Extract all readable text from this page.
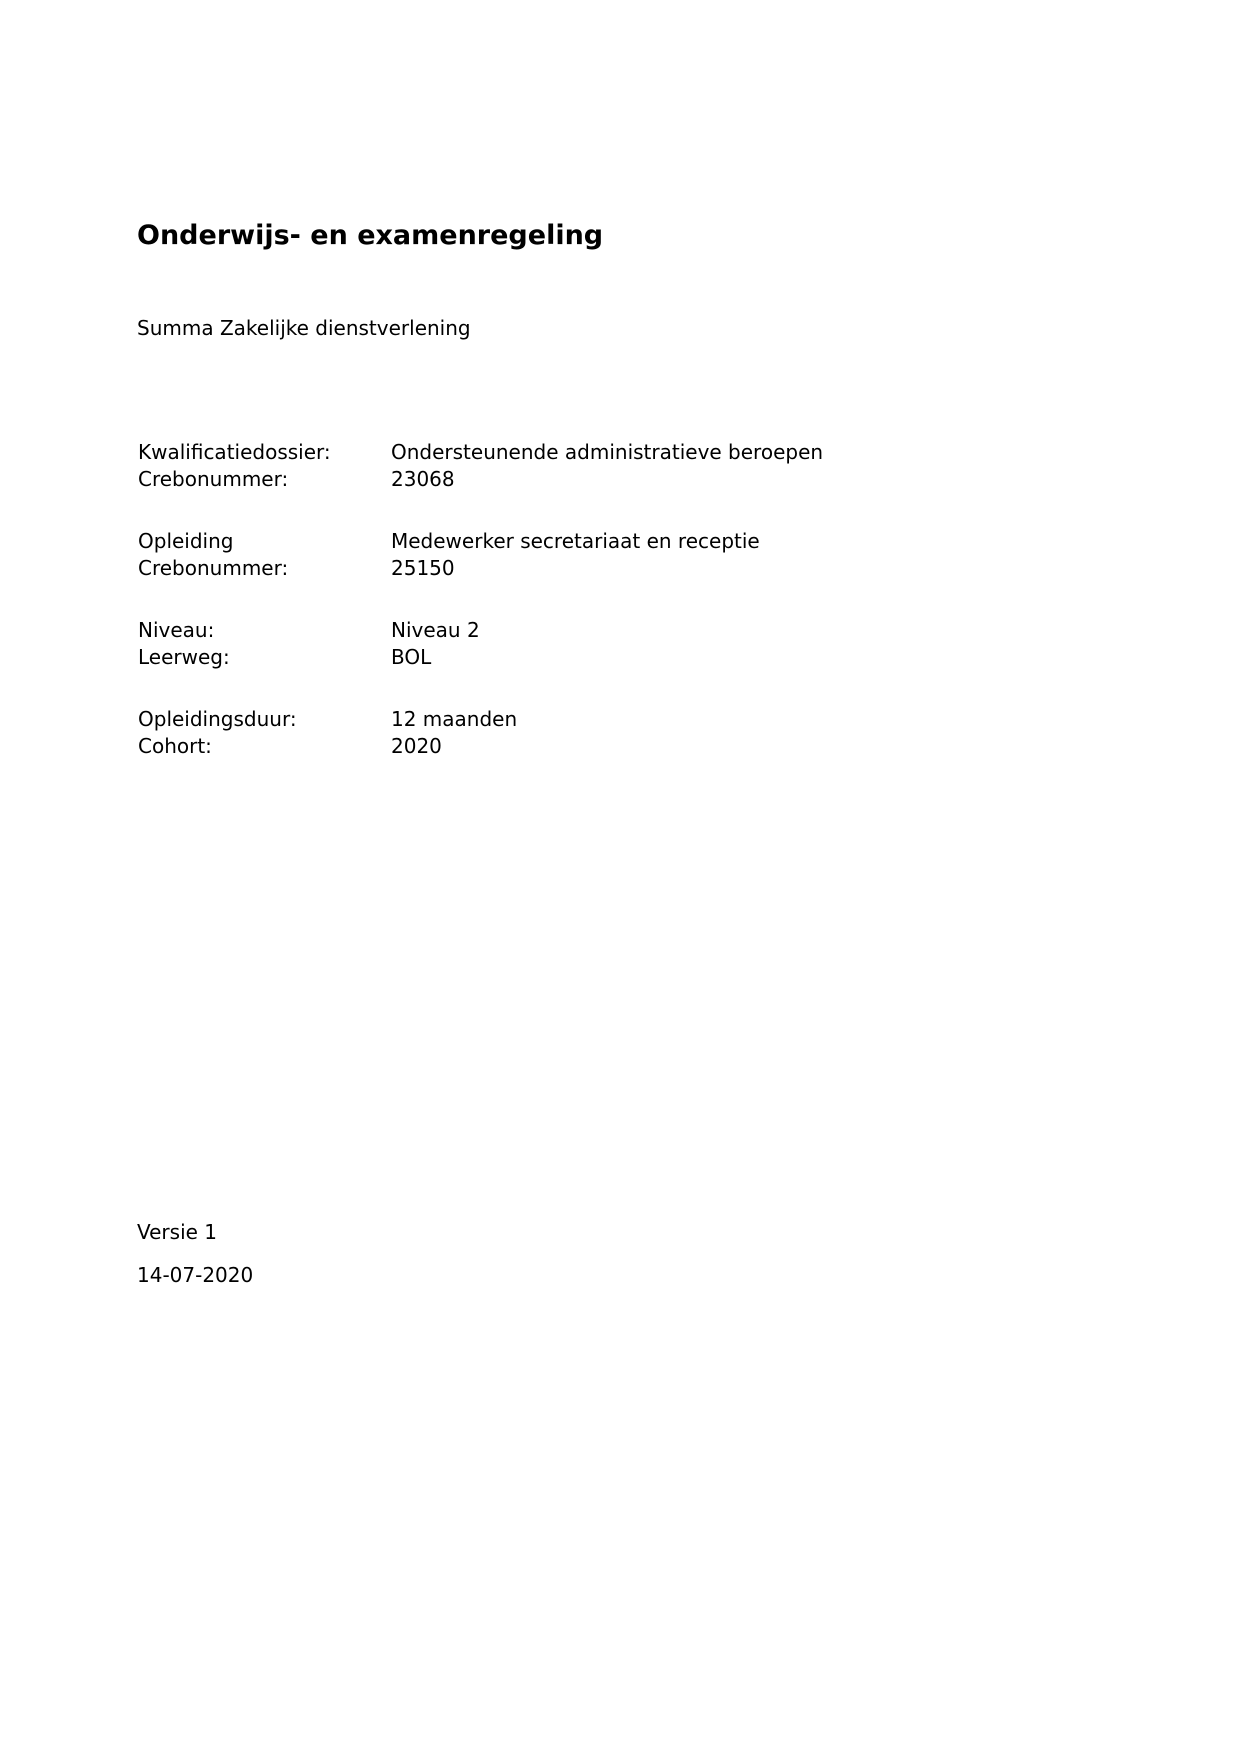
Onderwijs- en examenregeling
Summa Zakelijke dienstverlening
Kwalificatiedossier:	Ondersteunende administratieve beroepen
Crebonummer:	23068
Opleiding	Medewerker secretariaat en receptie
Crebonummer:	25150
Niveau:	Niveau 2
Leerweg:	BOL
Opleidingsduur:	12 maanden
Cohort:	2020
Versie 1
14-07-2020
